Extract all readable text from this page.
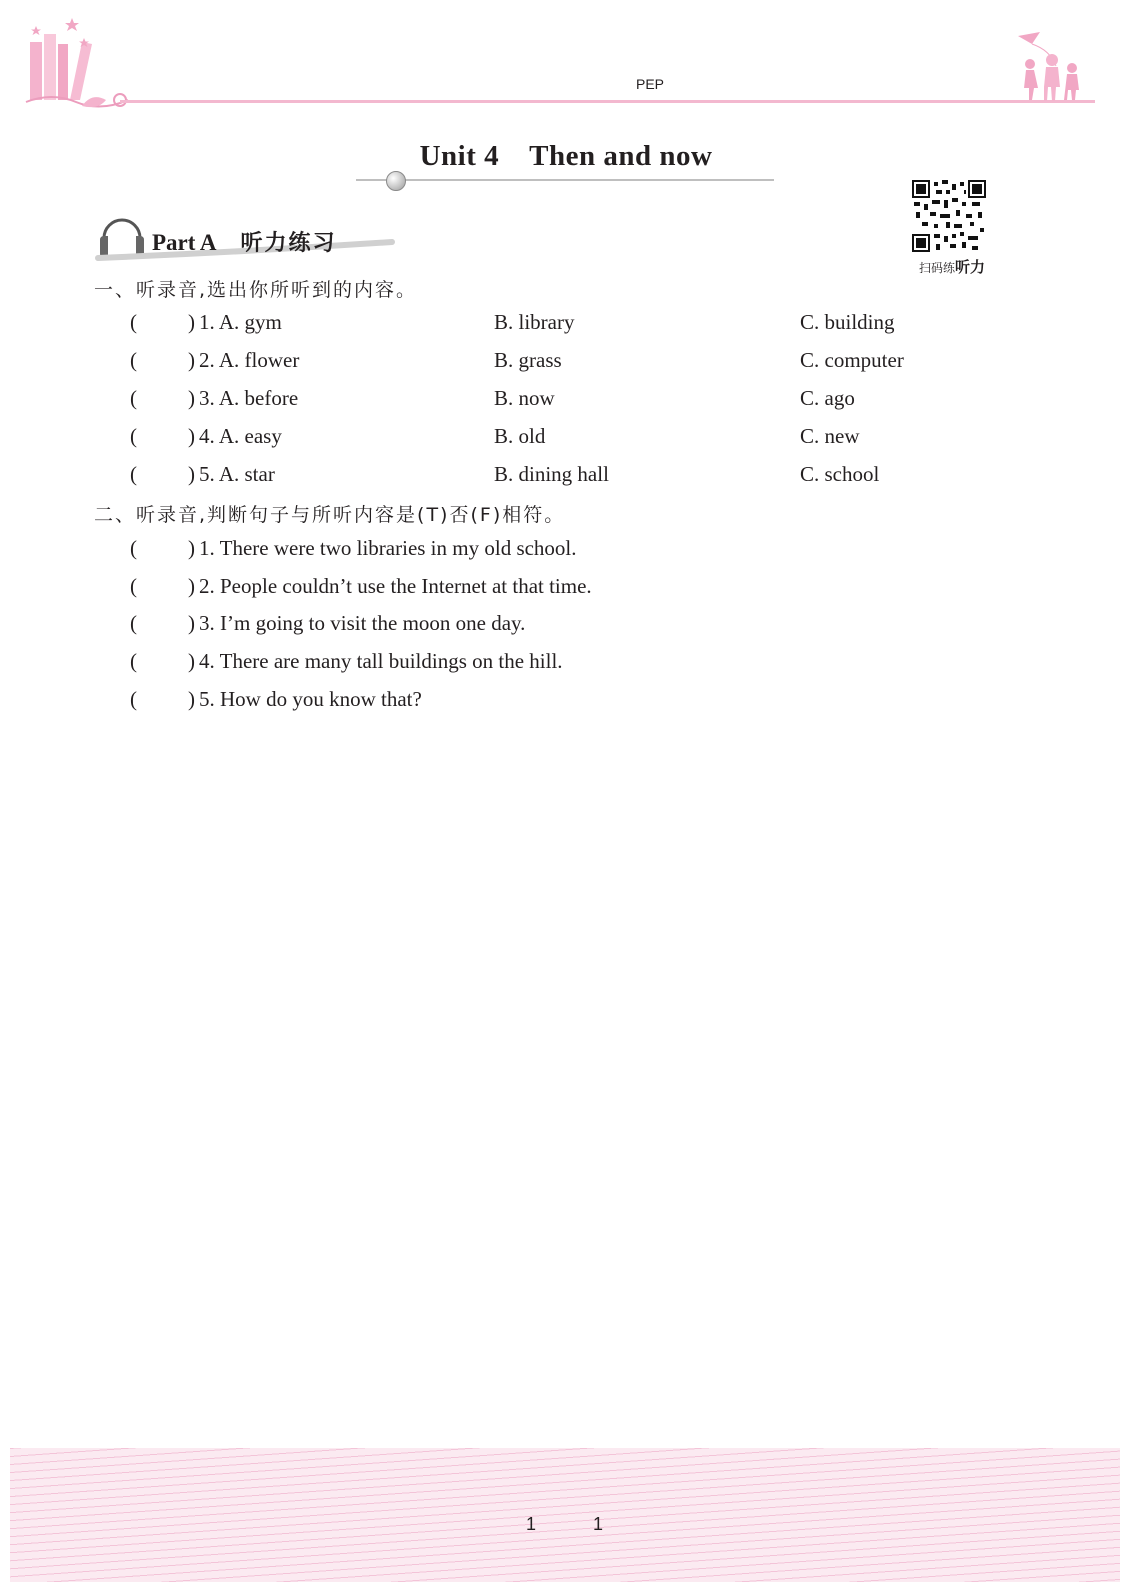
PEP
Unit 4 Then and now
扫码练听力
Part A 听力练习
一、听录音,选出你所听到的内容。
( ) 1. A. gym	B. library	C. building
( ) 2. A. flower	B. grass	C. computer
( ) 3. A. before	B. now	C. ago
( ) 4. A. easy	B. old	C. new
( ) 5. A. star	B. dining hall	C. school
二、听录音,判断句子与所听内容是(T)否(F)相符。
( ) 1. There were two libraries in my old school.
( ) 2. People couldn’t use the Internet at that time.
( ) 3. I’m going to visit the moon one day.
( ) 4. There are many tall buildings on the hill.
( ) 5. How do you know that?
1	1
